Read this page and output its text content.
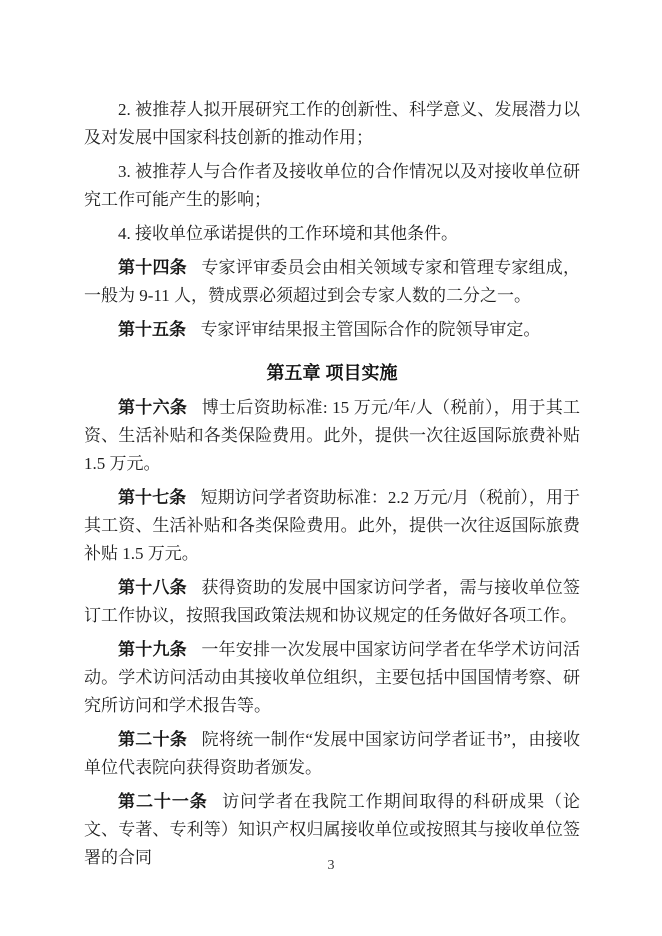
2. 被推荐人拟开展研究工作的创新性、科学意义、发展潜力以及对发展中国家科技创新的推动作用；

3. 被推荐人与合作者及接收单位的合作情况以及对接收单位研究工作可能产生的影响；

4. 接收单位承诺提供的工作环境和其他条件。

第十四条 专家评审委员会由相关领域专家和管理专家组成，一般为 9-11 人，赞成票必须超过到会专家人数的二分之一。

第十五条 专家评审结果报主管国际合作的院领导审定。

第五章 项目实施

第十六条 博士后资助标准: 15 万元/年/人（税前），用于其工资、生活补贴和各类保险费用。此外，提供一次往返国际旅费补贴 1.5 万元。

第十七条 短期访问学者资助标准：2.2 万元/月（税前），用于其工资、生活补贴和各类保险费用。此外，提供一次往返国际旅费补贴 1.5 万元。

第十八条 获得资助的发展中国家访问学者，需与接收单位签订工作协议，按照我国政策法规和协议规定的任务做好各项工作。

第十九条 一年安排一次发展中国家访问学者在华学术访问活动。学术访问活动由其接收单位组织，主要包括中国国情考察、研究所访问和学术报告等。

第二十条 院将统一制作“发展中国家访问学者证书”，由接收单位代表院向获得资助者颁发。

第二十一条 访问学者在我院工作期间取得的科研成果（论文、专著、专利等）知识产权归属接收单位或按照其与接收单位签署的合同	3
